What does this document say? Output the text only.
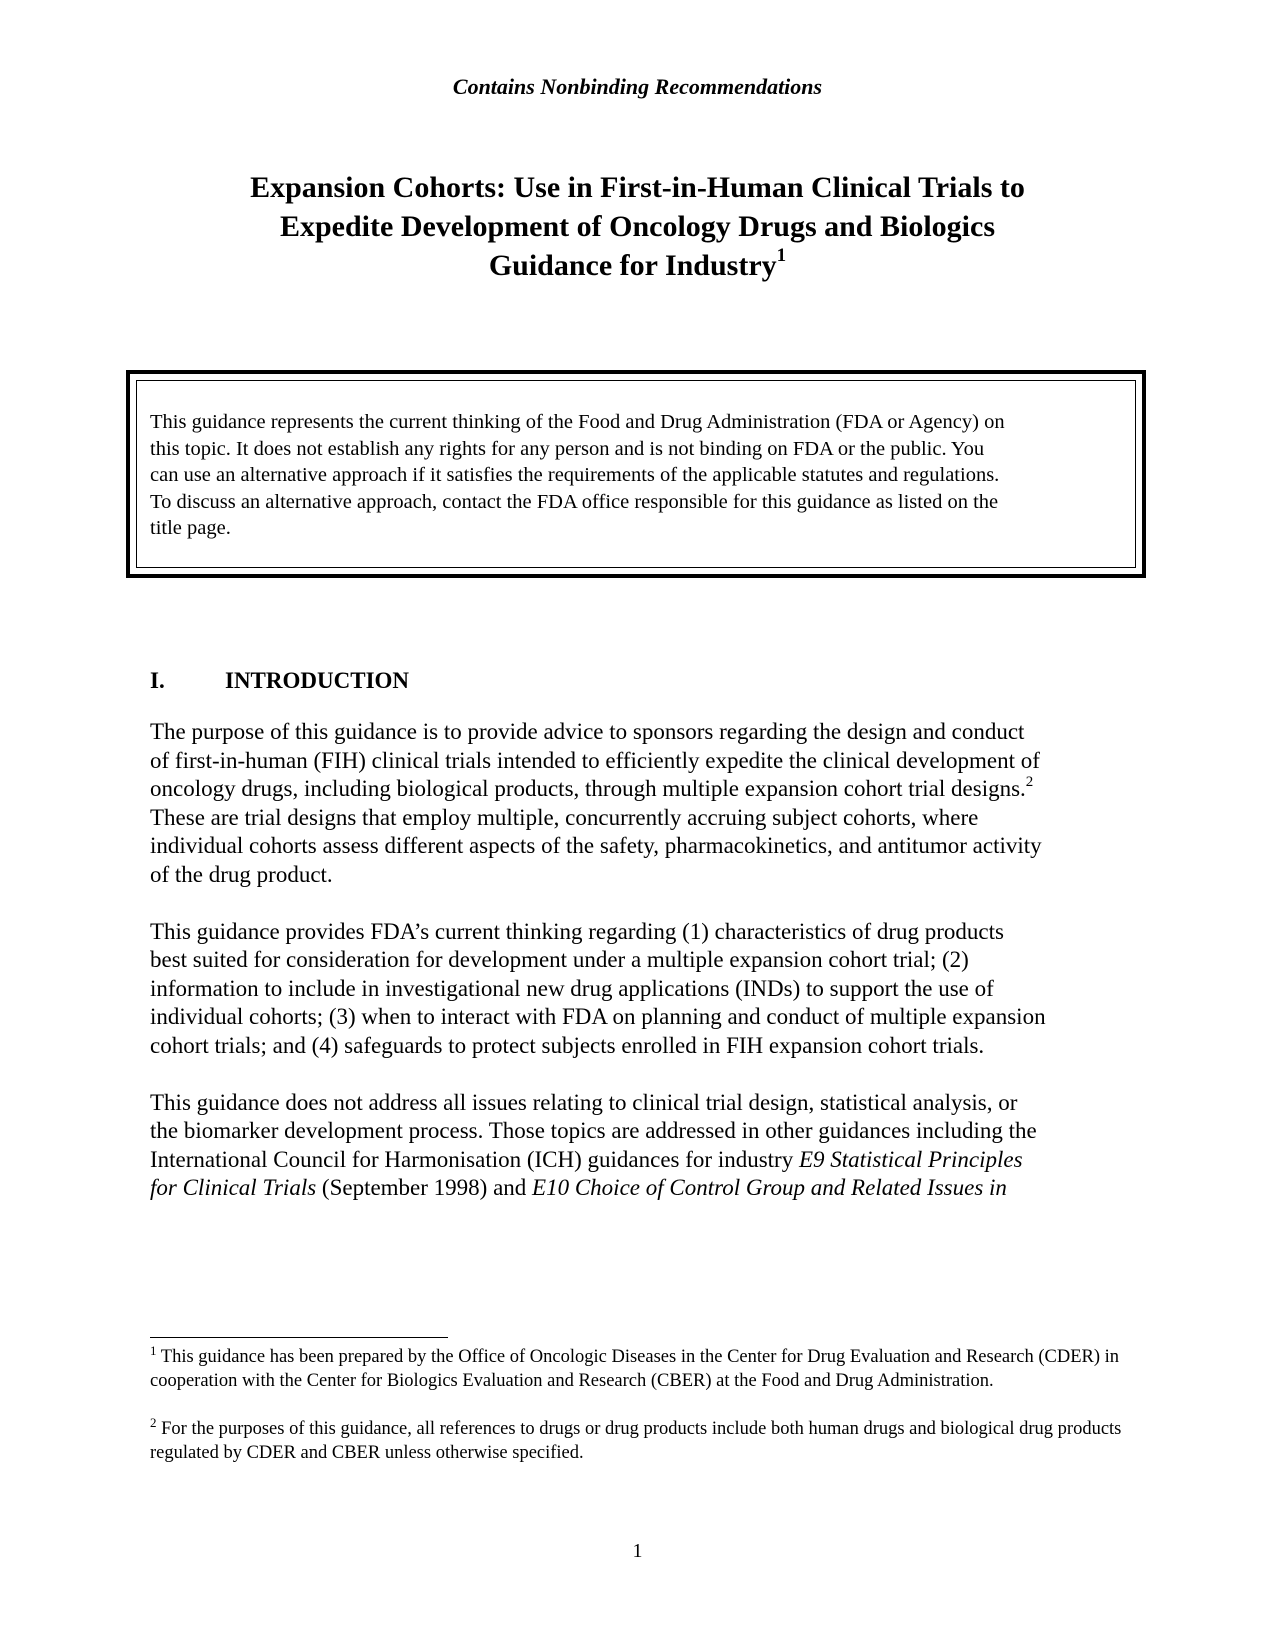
Contains Nonbinding Recommendations
Expansion Cohorts: Use in First-in-Human Clinical Trials to
Expedite Development of Oncology Drugs and Biologics
Guidance for Industry$^1$
This guidance represents the current thinking of the Food and Drug Administration (FDA or Agency) on
this topic. It does not establish any rights for any person and is not binding on FDA or the public. You
can use an alternative approach if it satisfies the requirements of the applicable statutes and regulations.
To discuss an alternative approach, contact the FDA office responsible for this guidance as listed on the
title page.
I.	INTRODUCTION

The purpose of this guidance is to provide advice to sponsors regarding the design and conduct
of first-in-human (FIH) clinical trials intended to efficiently expedite the clinical development of
oncology drugs, including biological products, through multiple expansion cohort trial designs.$^2$
These are trial designs that employ multiple, concurrently accruing subject cohorts, where
individual cohorts assess different aspects of the safety, pharmacokinetics, and antitumor activity
of the drug product.

This guidance provides FDA’s current thinking regarding (1) characteristics of drug products
best suited for consideration for development under a multiple expansion cohort trial; (2)
information to include in investigational new drug applications (INDs) to support the use of
individual cohorts; (3) when to interact with FDA on planning and conduct of multiple expansion
cohort trials; and (4) safeguards to protect subjects enrolled in FIH expansion cohort trials.

This guidance does not address all issues relating to clinical trial design, statistical analysis, or
the biomarker development process. Those topics are addressed in other guidances including the
International Council for Harmonisation (ICH) guidances for industry E9 Statistical Principles
for Clinical Trials (September 1998) and E10 Choice of Control Group and Related Issues in

$^1$ This guidance has been prepared by the Office of Oncologic Diseases in the Center for Drug Evaluation and Research (CDER) in cooperation with the Center for Biologics Evaluation and Research (CBER) at the Food and Drug Administration.

$^2$ For the purposes of this guidance, all references to drugs or drug products include both human drugs and biological drug products regulated by CDER and CBER unless otherwise specified.

1
